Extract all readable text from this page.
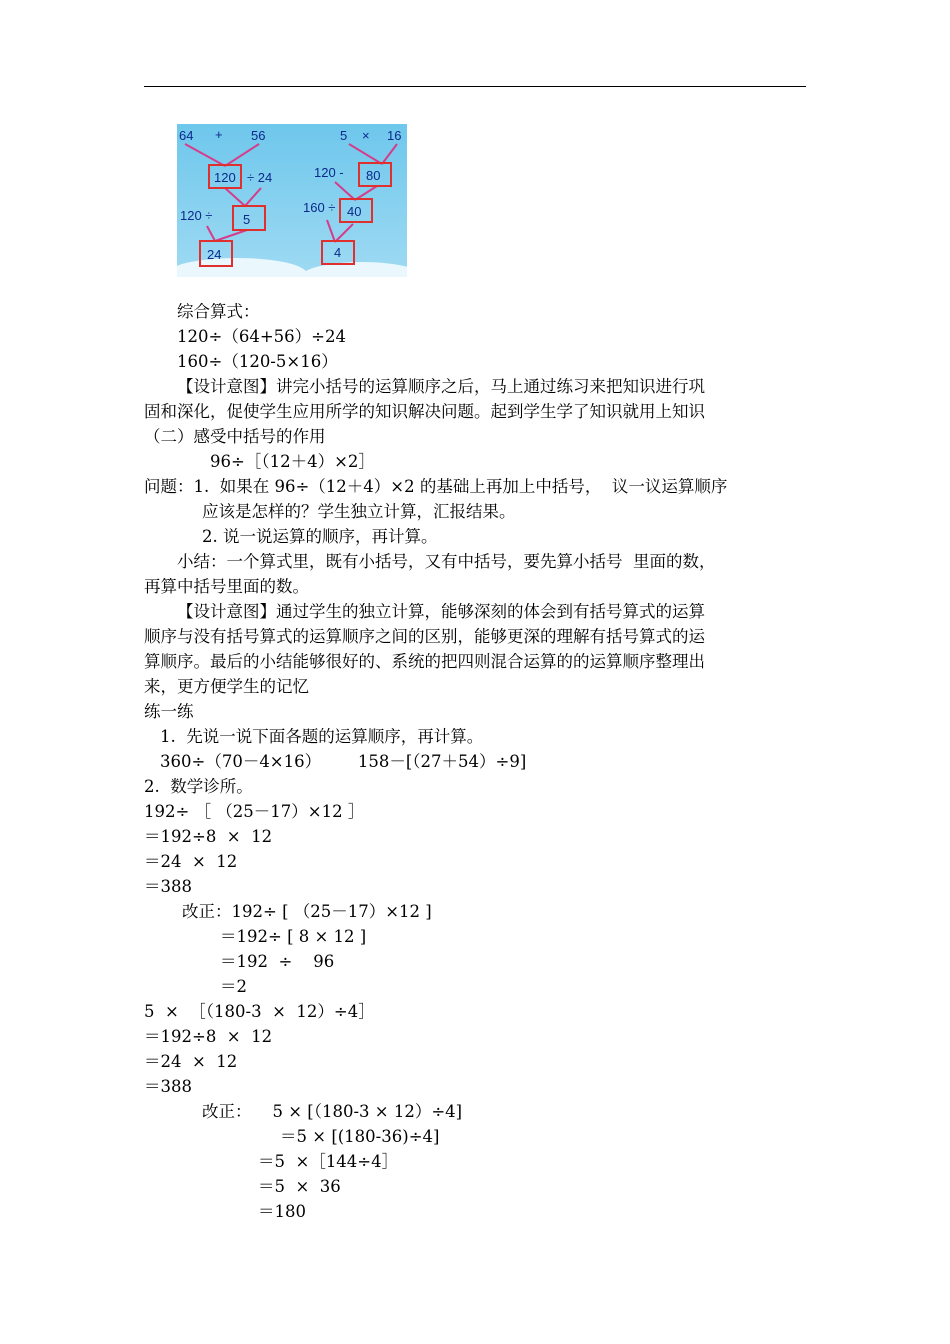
64 + 56
120 ÷ 24
120 ÷ 5
24
5 × 16
120 - 80
160 ÷ 40
4
综合算式：
120÷（64+56）÷24
160÷（120-5×16）
【设计意图】讲完小括号的运算顺序之后，马上通过练习来把知识进行巩
固和深化，促使学生应用所学的知识解决问题。起到学生学了知识就用上知识
（二）感受中括号的作用
96÷［（12＋4）×2］
问题：1.  如果在 96÷（12＋4）×2 的基础上再加上中括号，  议一议运算顺序
应该是怎样的？学生独立计算，汇报结果。
2. 说一说运算的顺序，再计算。
小结：一个算式里，既有小括号，又有中括号，要先算小括号  里面的数，
再算中括号里面的数。
【设计意图】通过学生的独立计算，能够深刻的体会到有括号算式的运算
顺序与没有括号算式的运算顺序之间的区别，能够更深的理解有括号算式的运
算顺序。最后的小结能够很好的、系统的把四则混合运算的的运算顺序整理出
来，更方便学生的记忆
练一练
1.  先说一说下面各题的运算顺序，再计算。
360÷（70－4×16）       158－[（27＋54）÷9]
2.  数学诊所。
192÷ ［ （25－17）×12 ］
＝192÷8  ×  12
＝24  ×  12
＝388
改正：192÷ [ （25－17）×12 ]
＝192÷ [ 8 × 12 ]
＝192  ÷    96
＝2
5  ×  ［（180-3  ×  12）÷4］
＝192÷8  ×  12
＝24  ×  12
＝388
改正：    5 × [（180-3 × 12）÷4]
＝5 × [(180-36)÷4]
＝5  ×［144÷4］
＝5  ×  36
＝180
